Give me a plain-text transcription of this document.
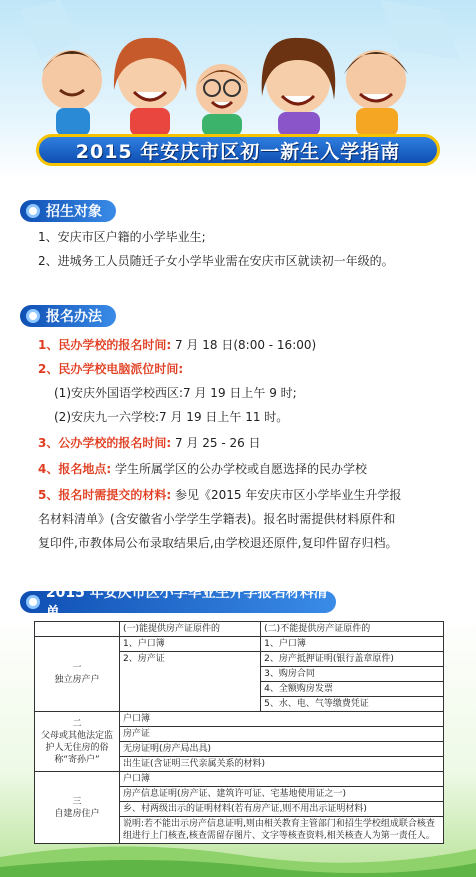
2015 年安庆市区初一新生入学指南
招生对象
1、安庆市区户籍的小学毕业生;
2、进城务工人员随迁子女小学毕业需在安庆市区就读初一年级的。
报名办法
1、民办学校的报名时间: 7 月 18 日(8:00 - 16:00)
2、民办学校电脑派位时间:
(1)安庆外国语学校西区:7 月 19 日上午 9 时;
(2)安庆九一六学校:7 月 19 日上午 11 时。
3、公办学校的报名时间: 7 月 25 - 26 日
4、报名地点: 学生所属学区的公办学校或自愿选择的民办学校
5、报名时需提交的材料: 参见《2015 年安庆市区小学毕业生升学报
名材料清单》(含安徽省小学学生学籍表)。报名时需提供材料原件和
复印件,市教体局公布录取结果后,由学校退还原件,复印件留存归档。
2015 年安庆市区小学毕业生升学报名材料清单
	(一)能提供房产证原件的	(二)不能提供房产证原件的

一
独立房产户	1、户口簿	1、户口簿
	2、房产证	2、房产抵押证明(银行盖章原件)
		3、购房合同
		4、全额购房发票
		5、水、电、气等缴费凭证

二
父母或其他法定监护人无住房的俗称“寄孙户”	户口簿	
	房产证	
	无房证明(房产局出具)	
	出生证(含证明三代亲属关系的材料)	

三
自建房住户	户口簿	
	房产信息证明(房产证、建筑许可证、宅基地使用证之一)	
	乡、村两级出示的证明材料(若有房产证,则不用出示证明材料)	
	说明:若不能出示房产信息证明,则由相关教育主管部门和招生学校组成联合核查组进行上门核查,核查需留存图片、文字等核查资料,相关核查人为第一责任人。	
